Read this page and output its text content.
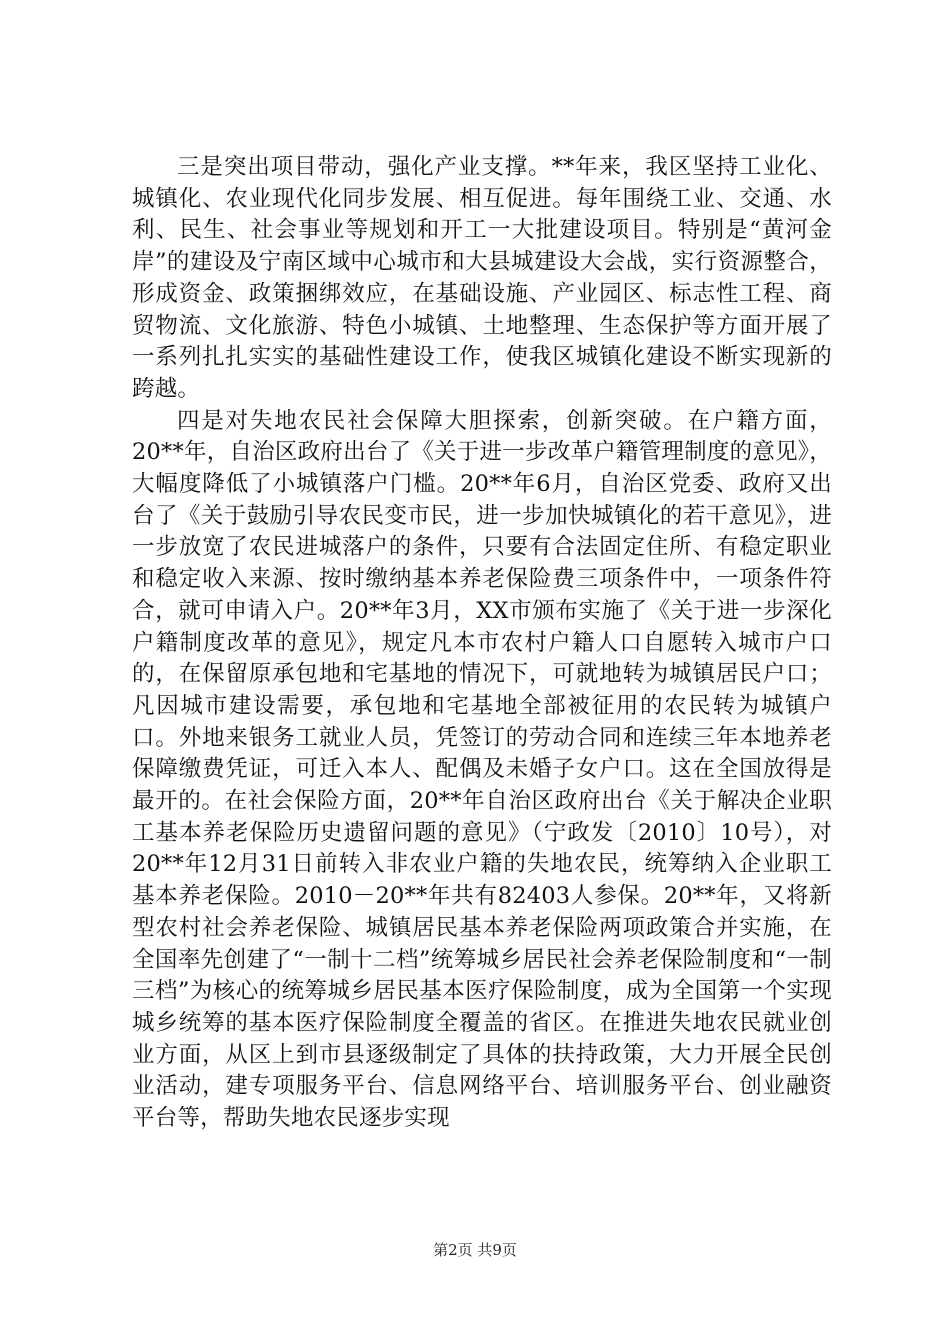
三是突出项目带动，强化产业支撑。**年来，我区坚持工业化、城镇化、农业现代化同步发展、相互促进。每年围绕工业、交通、水利、民生、社会事业等规划和开工一大批建设项目。特别是“黄河金岸”的建设及宁南区域中心城市和大县城建设大会战，实行资源整合，形成资金、政策捆绑效应，在基础设施、产业园区、标志性工程、商贸物流、文化旅游、特色小城镇、土地整理、生态保护等方面开展了一系列扎扎实实的基础性建设工作，使我区城镇化建设不断实现新的跨越。

四是对失地农民社会保障大胆探索，创新突破。在户籍方面，20**年，自治区政府出台了《关于进一步改革户籍管理制度的意见》，大幅度降低了小城镇落户门槛。20**年6月，自治区党委、政府又出台了《关于鼓励引导农民变市民，进一步加快城镇化的若干意见》，进一步放宽了农民进城落户的条件，只要有合法固定住所、有稳定职业和稳定收入来源、按时缴纳基本养老保险费三项条件中，一项条件符合，就可申请入户。20**年3月，XX市颁布实施了《关于进一步深化户籍制度改革的意见》，规定凡本市农村户籍人口自愿转入城市户口的，在保留原承包地和宅基地的情况下，可就地转为城镇居民户口；凡因城市建设需要，承包地和宅基地全部被征用的农民转为城镇户口。外地来银务工就业人员，凭签订的劳动合同和连续三年本地养老保障缴费凭证，可迁入本人、配偶及未婚子女户口。这在全国放得是最开的。在社会保险方面，20**年自治区政府出台《关于解决企业职工基本养老保险历史遗留问题的意见》（宁政发〔2010〕10号），对20**年12月31日前转入非农业户籍的失地农民，统筹纳入企业职工基本养老保险。2010－20**年共有82403人参保。20**年，又将新型农村社会养老保险、城镇居民基本养老保险两项政策合并实施，在全国率先创建了“一制十二档”统筹城乡居民社会养老保险制度和“一制三档”为核心的统筹城乡居民基本医疗保险制度，成为全国第一个实现城乡统筹的基本医疗保险制度全覆盖的省区。在推进失地农民就业创业方面，从区上到市县逐级制定了具体的扶持政策，大力开展全民创业活动，建专项服务平台、信息网络平台、培训服务平台、创业融资平台等，帮助失地农民逐步实现

第2页 共9页
